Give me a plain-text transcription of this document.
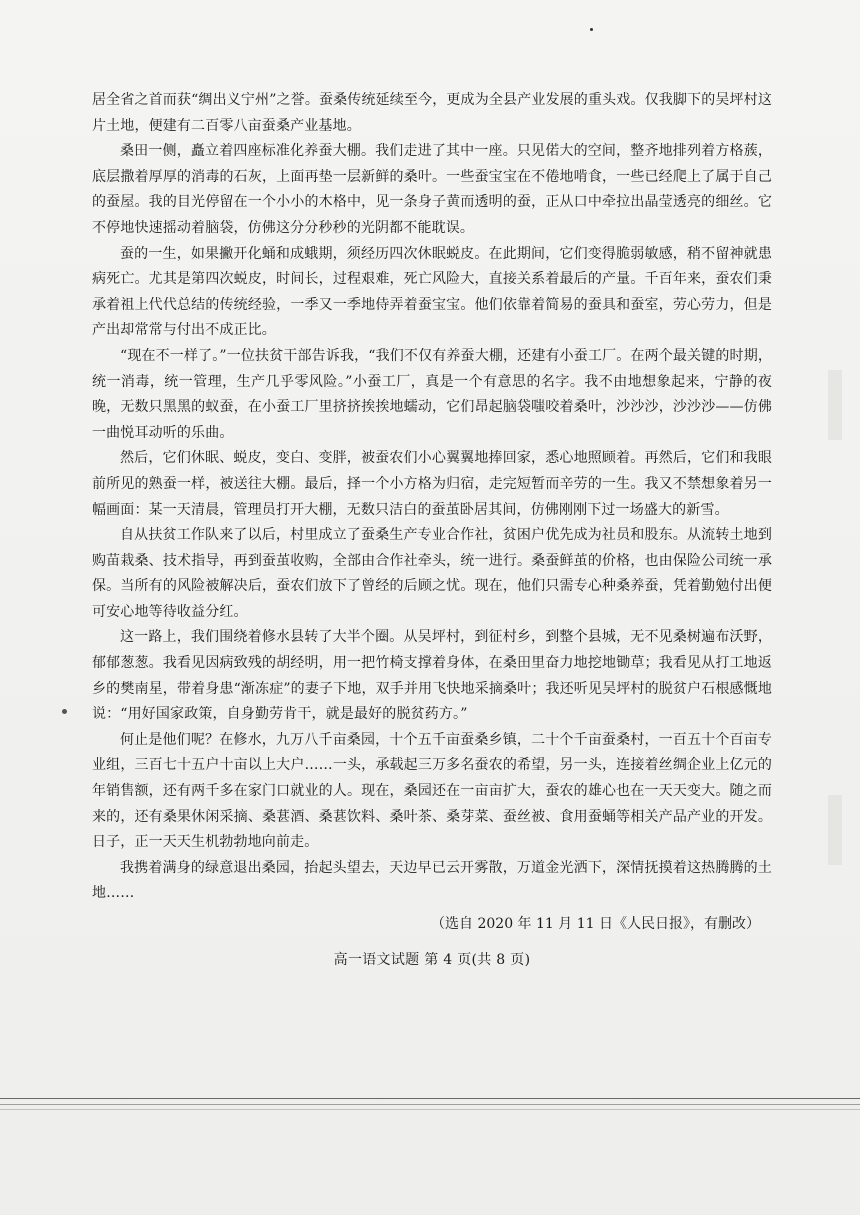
居全省之首而获“绸出义宁州”之誉。蚕桑传统延续至今，更成为全县产业发展的重头戏。仅我脚下的吴坪村这片土地，便建有二百零八亩蚕桑产业基地。

桑田一侧，矗立着四座标准化养蚕大棚。我们走进了其中一座。只见偌大的空间，整齐地排列着方格蔟，底层撒着厚厚的消毒的石灰，上面再垫一层新鲜的桑叶。一些蚕宝宝在不倦地啃食，一些已经爬上了属于自己的蚕屋。我的目光停留在一个小小的木格中，见一条身子黄而透明的蚕，正从口中牵拉出晶莹透亮的细丝。它不停地快速摇动着脑袋，仿佛这分分秒秒的光阴都不能耽误。

蚕的一生，如果撇开化蛹和成蛾期，须经历四次休眠蜕皮。在此期间，它们变得脆弱敏感，稍不留神就患病死亡。尤其是第四次蜕皮，时间长，过程艰难，死亡风险大，直接关系着最后的产量。千百年来，蚕农们秉承着祖上代代总结的传统经验，一季又一季地侍弄着蚕宝宝。他们依靠着简易的蚕具和蚕室，劳心劳力，但是产出却常常与付出不成正比。

“现在不一样了。”一位扶贫干部告诉我，“我们不仅有养蚕大棚，还建有小蚕工厂。在两个最关键的时期，统一消毒，统一管理，生产几乎零风险。”小蚕工厂，真是一个有意思的名字。我不由地想象起来，宁静的夜晚，无数只黑黑的蚁蚕，在小蚕工厂里挤挤挨挨地蠕动，它们昂起脑袋嗤咬着桑叶，沙沙沙，沙沙沙——仿佛一曲悦耳动听的乐曲。

然后，它们休眠、蜕皮，变白、变胖，被蚕农们小心翼翼地捧回家，悉心地照顾着。再然后，它们和我眼前所见的熟蚕一样，被送往大棚。最后，择一个小方格为归宿，走完短暂而辛劳的一生。我又不禁想象着另一幅画面：某一天清晨，管理员打开大棚，无数只洁白的蚕茧卧居其间，仿佛刚刚下过一场盛大的新雪。

自从扶贫工作队来了以后，村里成立了蚕桑生产专业合作社，贫困户优先成为社员和股东。从流转土地到购苗栽桑、技术指导，再到蚕茧收购，全部由合作社牵头，统一进行。桑蚕鲜茧的价格，也由保险公司统一承保。当所有的风险被解决后，蚕农们放下了曾经的后顾之忧。现在，他们只需专心种桑养蚕，凭着勤勉付出便可安心地等待收益分红。

这一路上，我们围绕着修水县转了大半个圈。从吴坪村，到征村乡，到整个县城，无不见桑树遍布沃野，郁郁葱葱。我看见因病致残的胡经明，用一把竹椅支撑着身体，在桑田里奋力地挖地锄草；我看见从打工地返乡的樊南星，带着身患“渐冻症”的妻子下地，双手并用飞快地采摘桑叶；我还听见吴坪村的脱贫户石根感慨地说：“用好国家政策，自身勤劳肯干，就是最好的脱贫药方。”

何止是他们呢？在修水，九万八千亩桑园，十个五千亩蚕桑乡镇，二十个千亩蚕桑村，一百五十个百亩专业组，三百七十五户十亩以上大户……一头，承载起三万多名蚕农的希望，另一头，连接着丝绸企业上亿元的年销售额，还有两千多在家门口就业的人。现在，桑园还在一亩亩扩大，蚕农的雄心也在一天天变大。随之而来的，还有桑果休闲采摘、桑葚酒、桑葚饮料、桑叶茶、桑芽菜、蚕丝被、食用蚕蛹等相关产品产业的开发。日子，正一天天生机勃勃地向前走。

我携着满身的绿意退出桑园，抬起头望去，天边早已云开雾散，万道金光洒下，深情抚摸着这热腾腾的土地……

（选自 2020 年 11 月 11 日《人民日报》，有删改）

高一语文试题 第 4 页(共 8 页)
